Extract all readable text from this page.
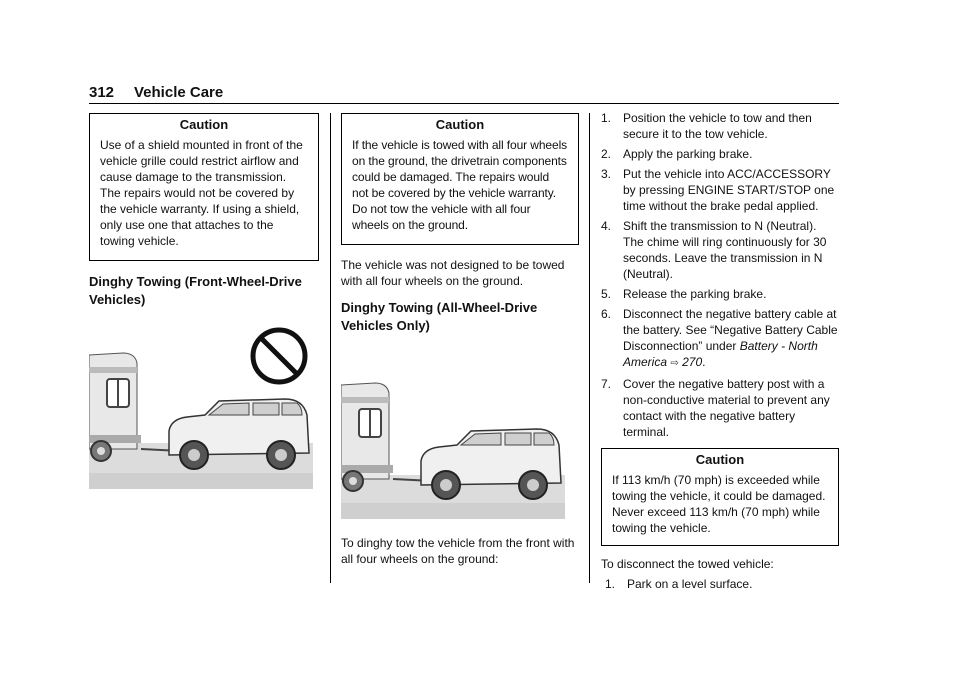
312 Vehicle Care
Caution
Use of a shield mounted in front of the vehicle grille could restrict airflow and cause damage to the transmission. The repairs would not be covered by the vehicle warranty. If using a shield, only use one that attaches to the towing vehicle.
Dinghy Towing (Front-Wheel-Drive Vehicles)
Caution
If the vehicle is towed with all four wheels on the ground, the drivetrain components could be damaged. The repairs would not be covered by the vehicle warranty. Do not tow the vehicle with all four wheels on the ground.

The vehicle was not designed to be towed with all four wheels on the ground.

Dinghy Towing (All-Wheel-Drive Vehicles Only)

To dinghy tow the vehicle from the front with all four wheels on the ground:

1. Position the vehicle to tow and then secure it to the tow vehicle.
2. Apply the parking brake.
3. Put the vehicle into ACC/ACCESSORY by pressing ENGINE START/STOP one time without the brake pedal applied.
4. Shift the transmission to N (Neutral). The chime will ring continuously for 30 seconds. Leave the transmission in N (Neutral).
5. Release the parking brake.
6. Disconnect the negative battery cable at the battery. See “Negative Battery Cable Disconnection” under Battery - North America ⇨ 270.
7. Cover the negative battery post with a non-conductive material to prevent any contact with the negative battery terminal.
Caution
If 113 km/h (70 mph) is exceeded while towing the vehicle, it could be damaged. Never exceed 113 km/h (70 mph) while towing the vehicle.

To disconnect the towed vehicle:

1. Park on a level surface.
